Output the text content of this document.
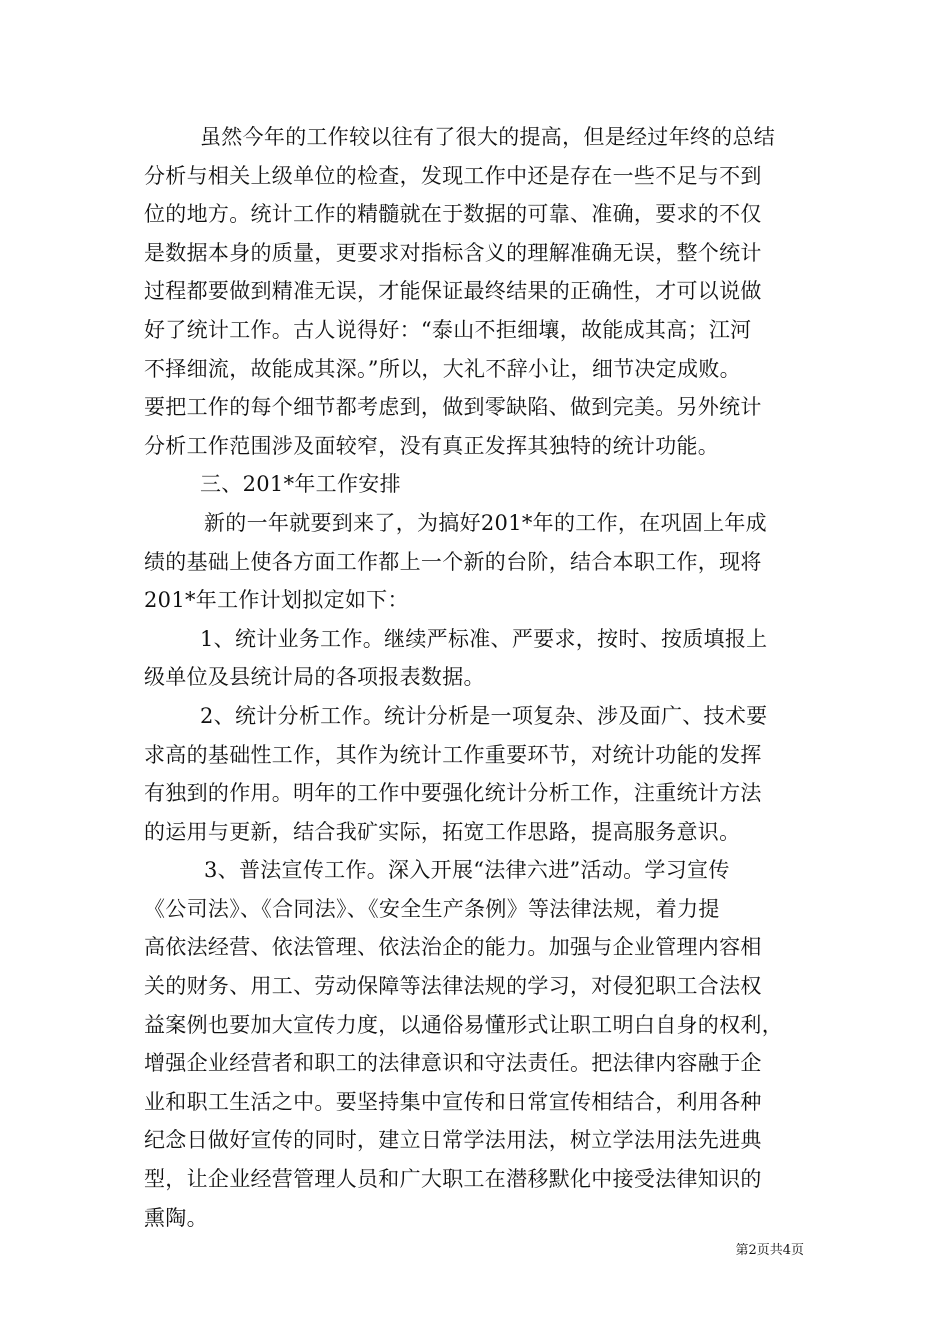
虽然今年的工作较以往有了很大的提高，但是经过年终的总结
分析与相关上级单位的检查，发现工作中还是存在一些不足与不到
位的地方。统计工作的精髓就在于数据的可靠、准确，要求的不仅
是数据本身的质量，更要求对指标含义的理解准确无误，整个统计
过程都要做到精准无误，才能保证最终结果的正确性，才可以说做
好了统计工作。古人说得好：“泰山不拒细壤，故能成其高；江河
不择细流，故能成其深。”所以，大礼不辞小让，细节决定成败。
要把工作的每个细节都考虑到，做到零缺陷、做到完美。另外统计
分析工作范围涉及面较窄，没有真正发挥其独特的统计功能。
三、201*年工作安排
新的一年就要到来了，为搞好201*年的工作，在巩固上年成
绩的基础上使各方面工作都上一个新的台阶，结合本职工作，现将
201*年工作计划拟定如下：
1、统计业务工作。继续严标准、严要求，按时、按质填报上
级单位及县统计局的各项报表数据。
2、统计分析工作。统计分析是一项复杂、涉及面广、技术要
求高的基础性工作，其作为统计工作重要环节，对统计功能的发挥
有独到的作用。明年的工作中要强化统计分析工作，注重统计方法
的运用与更新，结合我矿实际，拓宽工作思路，提高服务意识。
3、普法宣传工作。深入开展“法律六进”活动。学习宣传
《公司法》、《合同法》、《安全生产条例》等法律法规，着力提
高依法经营、依法管理、依法治企的能力。加强与企业管理内容相
关的财务、用工、劳动保障等法律法规的学习，对侵犯职工合法权
益案例也要加大宣传力度，以通俗易懂形式让职工明白自身的权利，
增强企业经营者和职工的法律意识和守法责任。把法律内容融于企
业和职工生活之中。要坚持集中宣传和日常宣传相结合，利用各种
纪念日做好宣传的同时，建立日常学法用法，树立学法用法先进典
型，让企业经营管理人员和广大职工在潜移默化中接受法律知识的
熏陶。
第2页共4页
